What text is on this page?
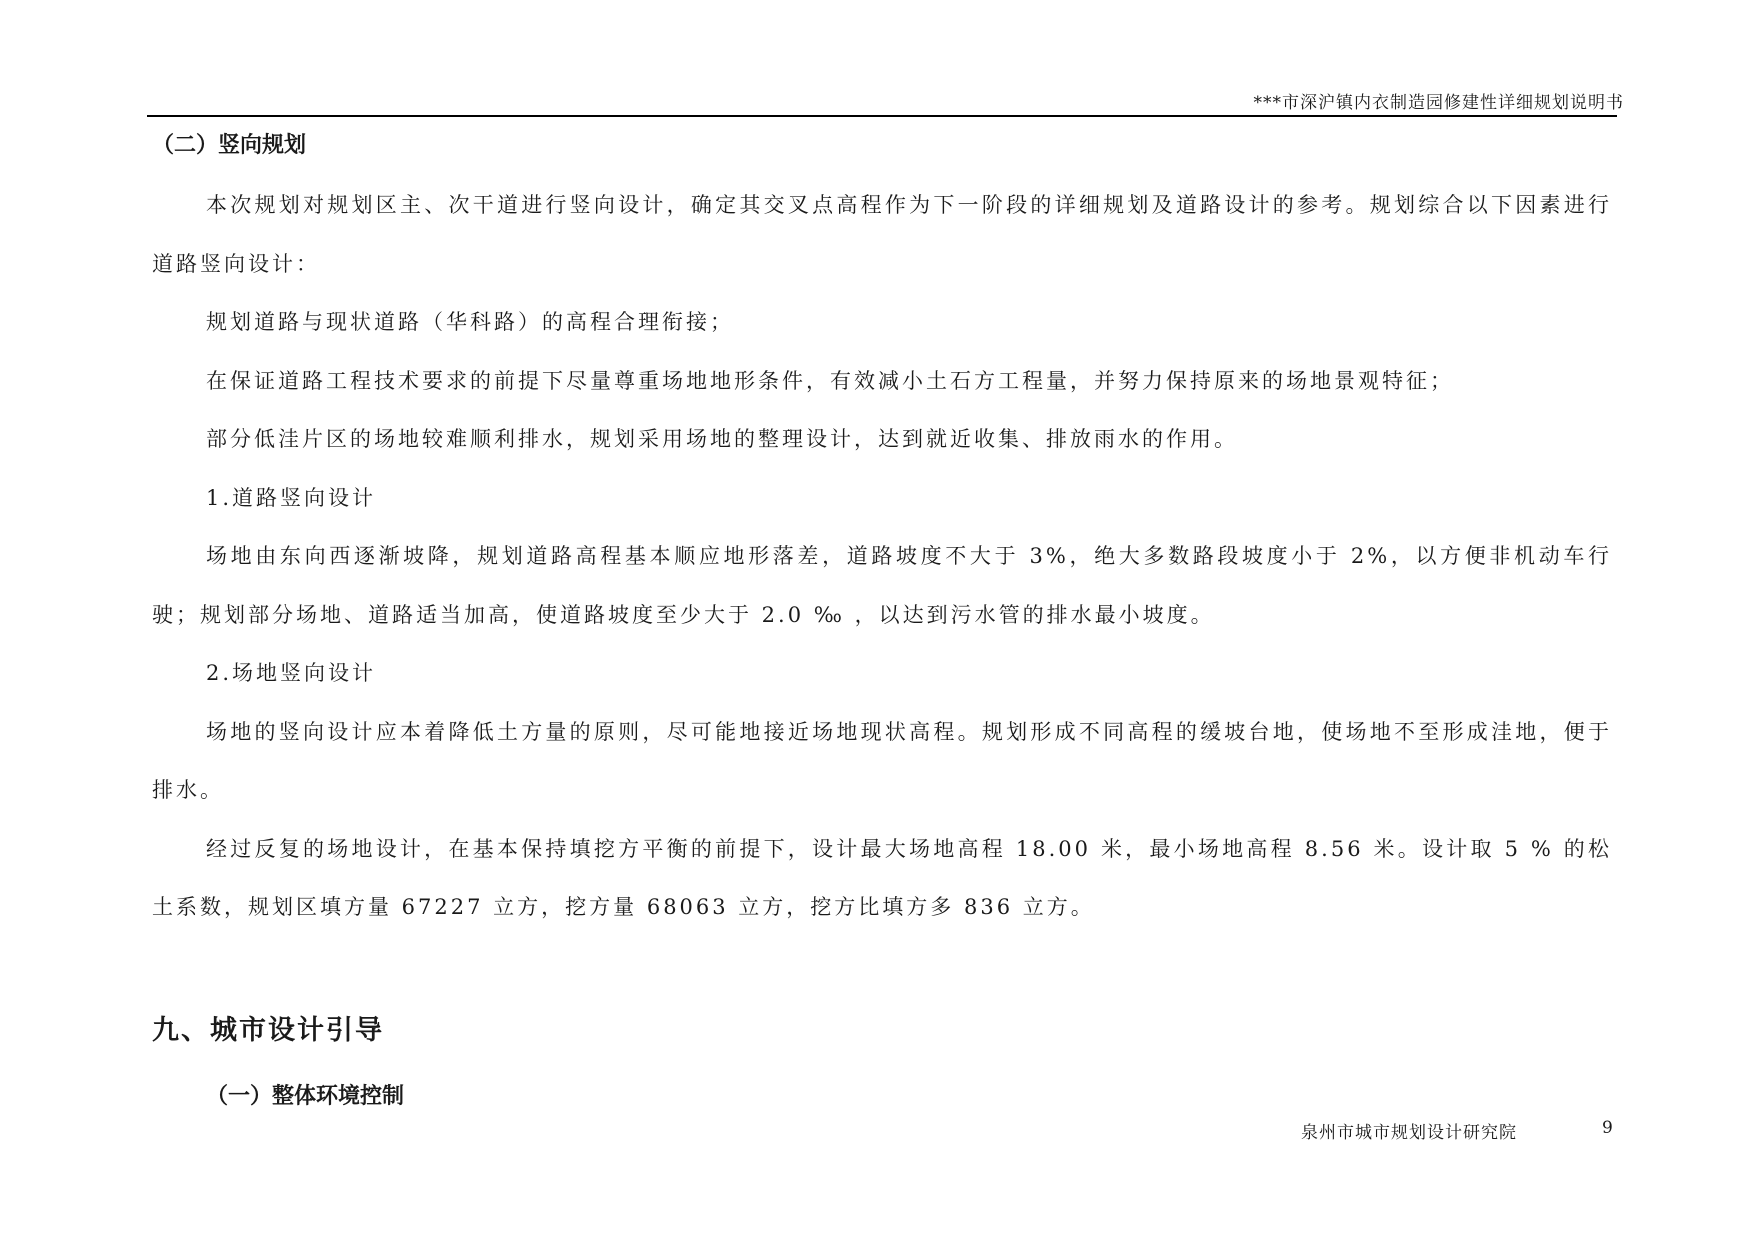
***市深沪镇内衣制造园修建性详细规划说明书
（二）竖向规划

本次规划对规划区主、次干道进行竖向设计，确定其交叉点高程作为下一阶段的详细规划及道路设计的参考。规划综合以下因素进行道路竖向设计：

规划道路与现状道路（华科路）的高程合理衔接；

在保证道路工程技术要求的前提下尽量尊重场地地形条件，有效减小土石方工程量，并努力保持原来的场地景观特征；

部分低洼片区的场地较难顺利排水，规划采用场地的整理设计，达到就近收集、排放雨水的作用。

1.道路竖向设计

场地由东向西逐渐坡降，规划道路高程基本顺应地形落差，道路坡度不大于 3%，绝大多数路段坡度小于 2%，以方便非机动车行驶；规划部分场地、道路适当加高，使道路坡度至少大于 2.0 ‰ ，以达到污水管的排水最小坡度。

2.场地竖向设计

场地的竖向设计应本着降低土方量的原则，尽可能地接近场地现状高程。规划形成不同高程的缓坡台地，使场地不至形成洼地，便于排水。

经过反复的场地设计，在基本保持填挖方平衡的前提下，设计最大场地高程 18.00 米，最小场地高程 8.56 米。设计取 5 % 的松土系数，规划区填方量 67227 立方，挖方量 68063 立方，挖方比填方多 836 立方。

九、城市设计引导
（一）整体环境控制
泉州市城市规划设计研究院	9
